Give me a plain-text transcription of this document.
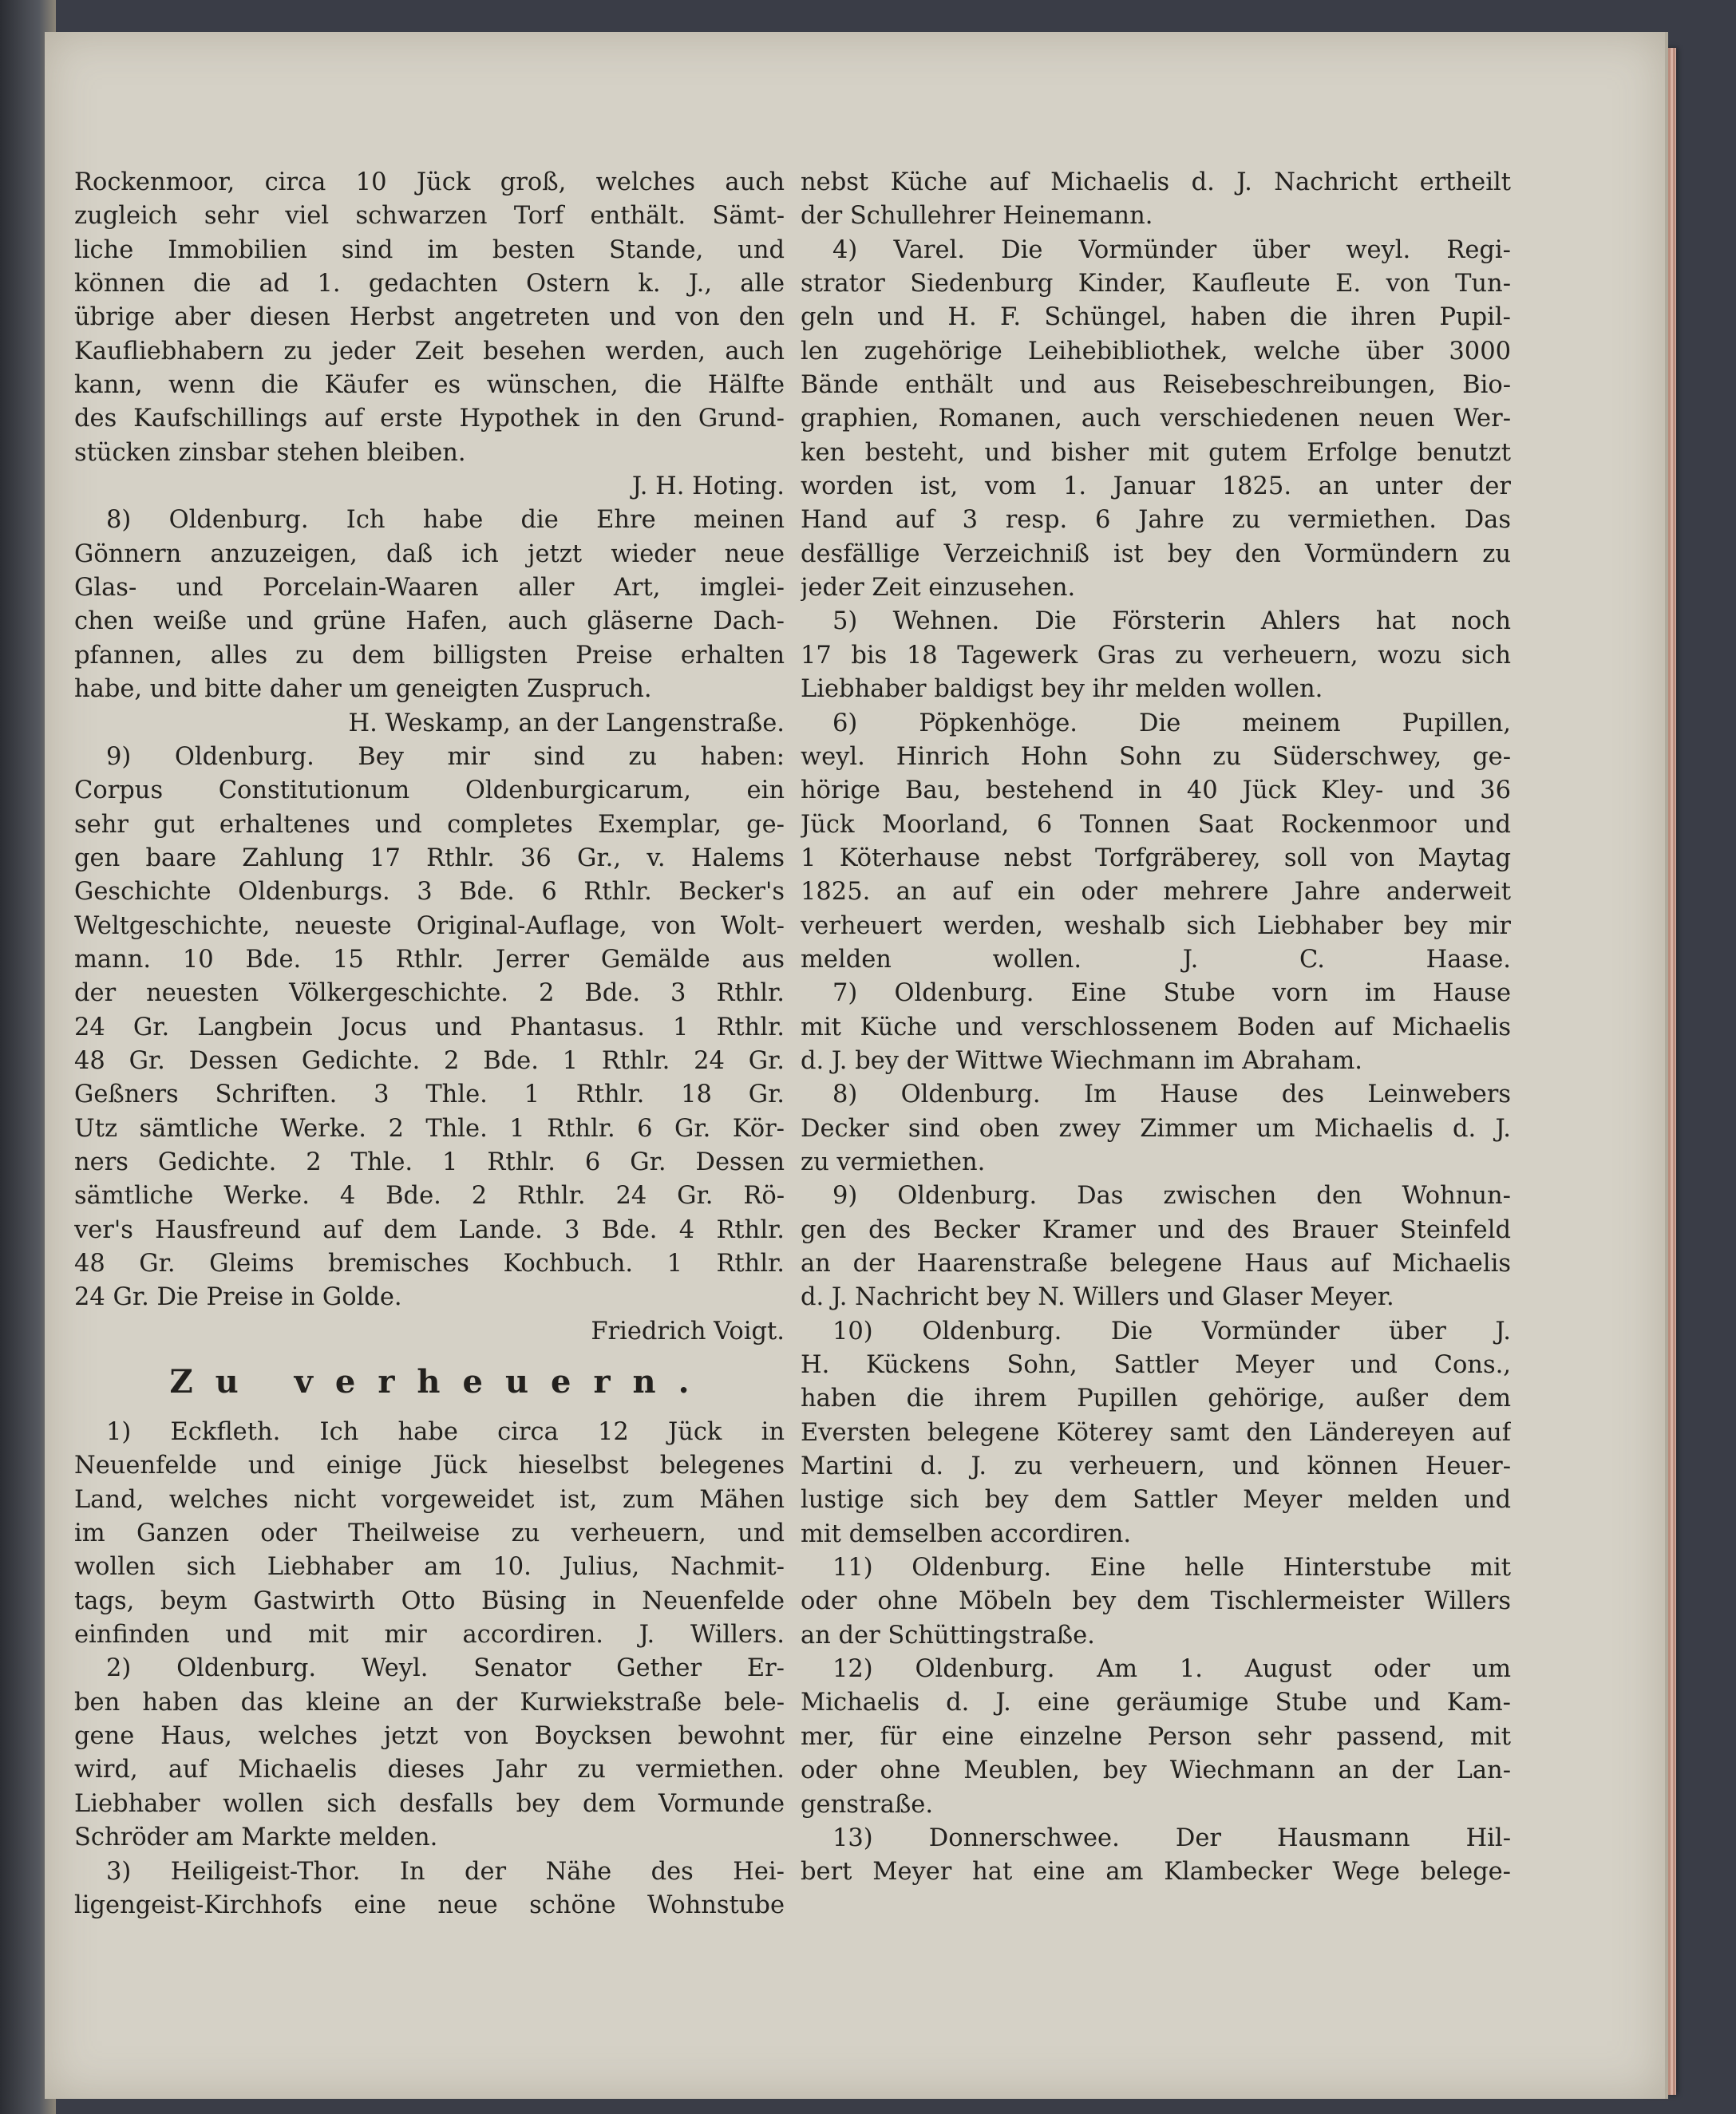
Rockenmoor, circa 10 Jück groß, welches auch
zugleich sehr viel schwarzen Torf enthält. Sämt-
liche Immobilien sind im besten Stande, und
können die ad 1. gedachten Ostern k. J., alle
übrige aber diesen Herbst angetreten und von den
Kaufliebhabern zu jeder Zeit besehen werden, auch
kann, wenn die Käufer es wünschen, die Hälfte
des Kaufschillings auf erste Hypothek in den Grund-
stücken zinsbar stehen bleiben.
J. H. Hoting.
8) Oldenburg. Ich habe die Ehre meinen
Gönnern anzuzeigen, daß ich jetzt wieder neue
Glas- und Porcelain-Waaren aller Art, imglei-
chen weiße und grüne Hafen, auch gläserne Dach-
pfannen, alles zu dem billigsten Preise erhalten
habe, und bitte daher um geneigten Zuspruch.
H. Weskamp, an der Langenstraße.
9) Oldenburg. Bey mir sind zu haben:
Corpus Constitutionum Oldenburgicarum, ein
sehr gut erhaltenes und completes Exemplar, ge-
gen baare Zahlung 17 Rthlr. 36 Gr., v. Halems
Geschichte Oldenburgs. 3 Bde. 6 Rthlr. Becker's
Weltgeschichte, neueste Original-Auflage, von Wolt-
mann. 10 Bde. 15 Rthlr. Jerrer Gemälde aus
der neuesten Völkergeschichte. 2 Bde. 3 Rthlr.
24 Gr. Langbein Jocus und Phantasus. 1 Rthlr.
48 Gr. Dessen Gedichte. 2 Bde. 1 Rthlr. 24 Gr.
Geßners Schriften. 3 Thle. 1 Rthlr. 18 Gr.
Utz sämtliche Werke. 2 Thle. 1 Rthlr. 6 Gr. Kör-
ners Gedichte. 2 Thle. 1 Rthlr. 6 Gr. Dessen
sämtliche Werke. 4 Bde. 2 Rthlr. 24 Gr. Rö-
ver's Hausfreund auf dem Lande. 3 Bde. 4 Rthlr.
48 Gr. Gleims bremisches Kochbuch. 1 Rthlr.
24 Gr. Die Preise in Golde.
Friedrich Voigt.
Zu verheuern.
1) Eckfleth. Ich habe circa 12 Jück in
Neuenfelde und einige Jück hieselbst belegenes
Land, welches nicht vorgeweidet ist, zum Mähen
im Ganzen oder Theilweise zu verheuern, und
wollen sich Liebhaber am 10. Julius, Nachmit-
tags, beym Gastwirth Otto Büsing in Neuenfelde
einfinden und mit mir accordiren. J. Willers.
2) Oldenburg. Weyl. Senator Gether Er-
ben haben das kleine an der Kurwiekstraße bele-
gene Haus, welches jetzt von Boycksen bewohnt
wird, auf Michaelis dieses Jahr zu vermiethen.
Liebhaber wollen sich desfalls bey dem Vormunde
Schröder am Markte melden.
3) Heiligeist-Thor. In der Nähe des Hei-
ligengeist-Kirchhofs eine neue schöne Wohnstube
nebst Küche auf Michaelis d. J. Nachricht ertheilt
der Schullehrer Heinemann.
4) Varel. Die Vormünder über weyl. Regi-
strator Siedenburg Kinder, Kaufleute E. von Tun-
geln und H. F. Schüngel, haben die ihren Pupil-
len zugehörige Leihebibliothek, welche über 3000
Bände enthält und aus Reisebeschreibungen, Bio-
graphien, Romanen, auch verschiedenen neuen Wer-
ken besteht, und bisher mit gutem Erfolge benutzt
worden ist, vom 1. Januar 1825. an unter der
Hand auf 3 resp. 6 Jahre zu vermiethen. Das
desfällige Verzeichniß ist bey den Vormündern zu
jeder Zeit einzusehen.
5) Wehnen. Die Försterin Ahlers hat noch
17 bis 18 Tagewerk Gras zu verheuern, wozu sich
Liebhaber baldigst bey ihr melden wollen.
6) Pöpkenhöge. Die meinem Pupillen,
weyl. Hinrich Hohn Sohn zu Süderschwey, ge-
hörige Bau, bestehend in 40 Jück Kley- und 36
Jück Moorland, 6 Tonnen Saat Rockenmoor und
1 Köterhause nebst Torfgräberey, soll von Maytag
1825. an auf ein oder mehrere Jahre anderweit
verheuert werden, weshalb sich Liebhaber bey mir
melden wollen. J. C. Haase.
7) Oldenburg. Eine Stube vorn im Hause
mit Küche und verschlossenem Boden auf Michaelis
d. J. bey der Wittwe Wiechmann im Abraham.
8) Oldenburg. Im Hause des Leinwebers
Decker sind oben zwey Zimmer um Michaelis d. J.
zu vermiethen.
9) Oldenburg. Das zwischen den Wohnun-
gen des Becker Kramer und des Brauer Steinfeld
an der Haarenstraße belegene Haus auf Michaelis
d. J. Nachricht bey N. Willers und Glaser Meyer.
10) Oldenburg. Die Vormünder über J.
H. Kückens Sohn, Sattler Meyer und Cons.,
haben die ihrem Pupillen gehörige, außer dem
Eversten belegene Köterey samt den Ländereyen auf
Martini d. J. zu verheuern, und können Heuer-
lustige sich bey dem Sattler Meyer melden und
mit demselben accordiren.
11) Oldenburg. Eine helle Hinterstube mit
oder ohne Möbeln bey dem Tischlermeister Willers
an der Schüttingstraße.
12) Oldenburg. Am 1. August oder um
Michaelis d. J. eine geräumige Stube und Kam-
mer, für eine einzelne Person sehr passend, mit
oder ohne Meublen, bey Wiechmann an der Lan-
genstraße.
13) Donnerschwee. Der Hausmann Hil-
bert Meyer hat eine am Klambecker Wege belege-
